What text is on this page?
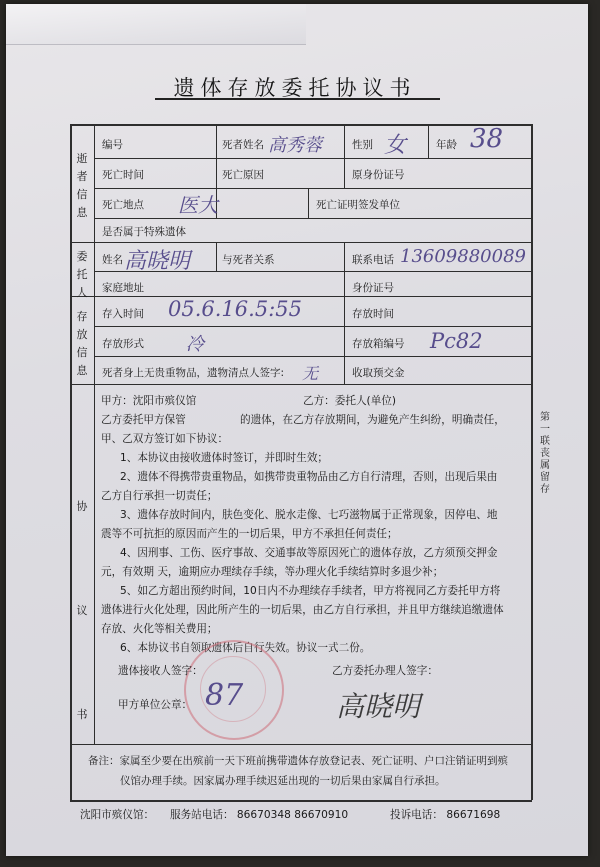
遗体存放委托协议书
逝者信息
委托人
存放信息
协议书
编号	死者姓名 高秀蓉	性别 女	年龄 38
死亡时间	死亡原因	原身份证号
死亡地点 医大	死亡证明签发单位
是否属于特殊遗体
姓名 高晓明	与死者关系	联系电话 13609880089
家庭地址	身份证号
存入时间 05.6.16.5:55	存放时间
存放形式 冷	存放箱编号 Pc82
死者身上无贵重物品，遗物清点人签字: 无	收取预交金
甲方：沈阳市殡仪馆	乙方：委托人(单位)
乙方委托甲方保管	的遗体，在乙方存放期间，为避免产生纠纷，明确责任，
甲、乙双方签订如下协议：
1、本协议由接收遗体时签订，并即时生效；
2、遗体不得携带贵重物品，如携带贵重物品由乙方自行清理，否则，出现后果由
乙方自行承担一切责任；
3、遗体存放时间内，肤色变化、脱水走像、七巧滋物属于正常现象，因停电、地
震等不可抗拒的原因而产生的一切后果，甲方不承担任何责任；
4、因刑事、工伤、医疗事故、交通事故等原因死亡的遗体存放，乙方须预交押金
元，有效期 天，逾期应办理续存手续，等办理火化手续结算时多退少补；
5、如乙方超出预约时间，10日内不办理续存手续者，甲方将视同乙方委托甲方将
遗体进行火化处理，因此所产生的一切后果，由乙方自行承担，并且甲方继续追缴遗体
存放、火化等相关费用；
6、本协议书自领取遗体后自行失效。协议一式二份。
遗体接收人签字：
87
乙方委托办理人签字：
高晓明
甲方单位公章：
备注：家属至少要在出殡前一天下班前携带遗体存放登记表、死亡证明、户口注销证明到殡
仪馆办理手续。因家属办理手续迟延出现的一切后果由家属自行承担。
沈阳市殡仪馆： 服务站电话： 86670348 86670910	投诉电话： 86671698
第一联 丧属留存
